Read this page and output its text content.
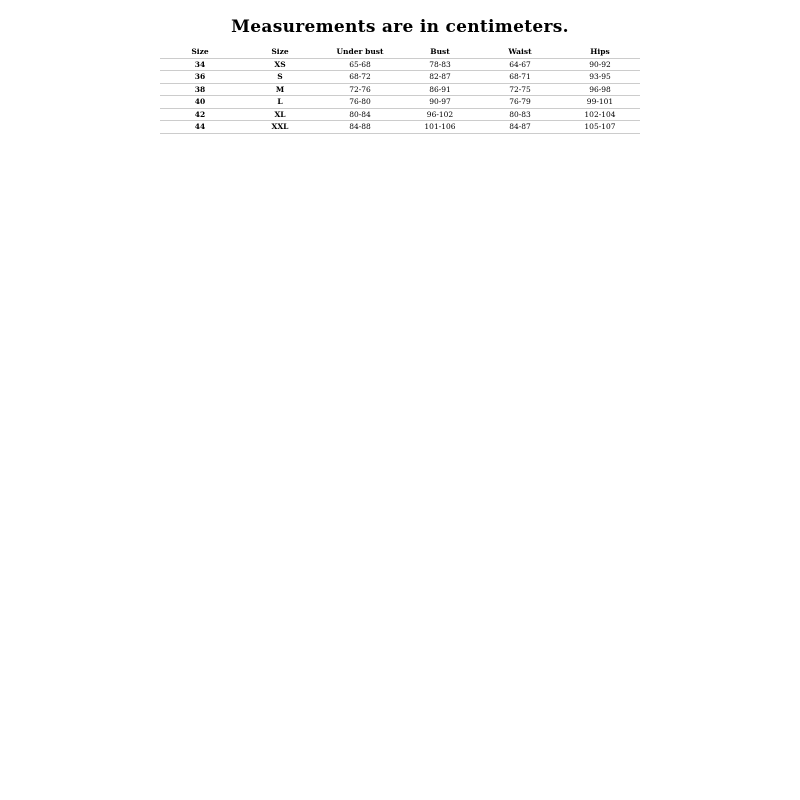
Measurements are in centimeters.
Size	Size	Under bust	Bust	Waist	Hips
34	XS	65-68	78-83	64-67	90-92
36	S	68-72	82-87	68-71	93-95
38	M	72-76	86-91	72-75	96-98
40	L	76-80	90-97	76-79	99-101
42	XL	80-84	96-102	80-83	102-104
44	XXL	84-88	101-106	84-87	105-107
